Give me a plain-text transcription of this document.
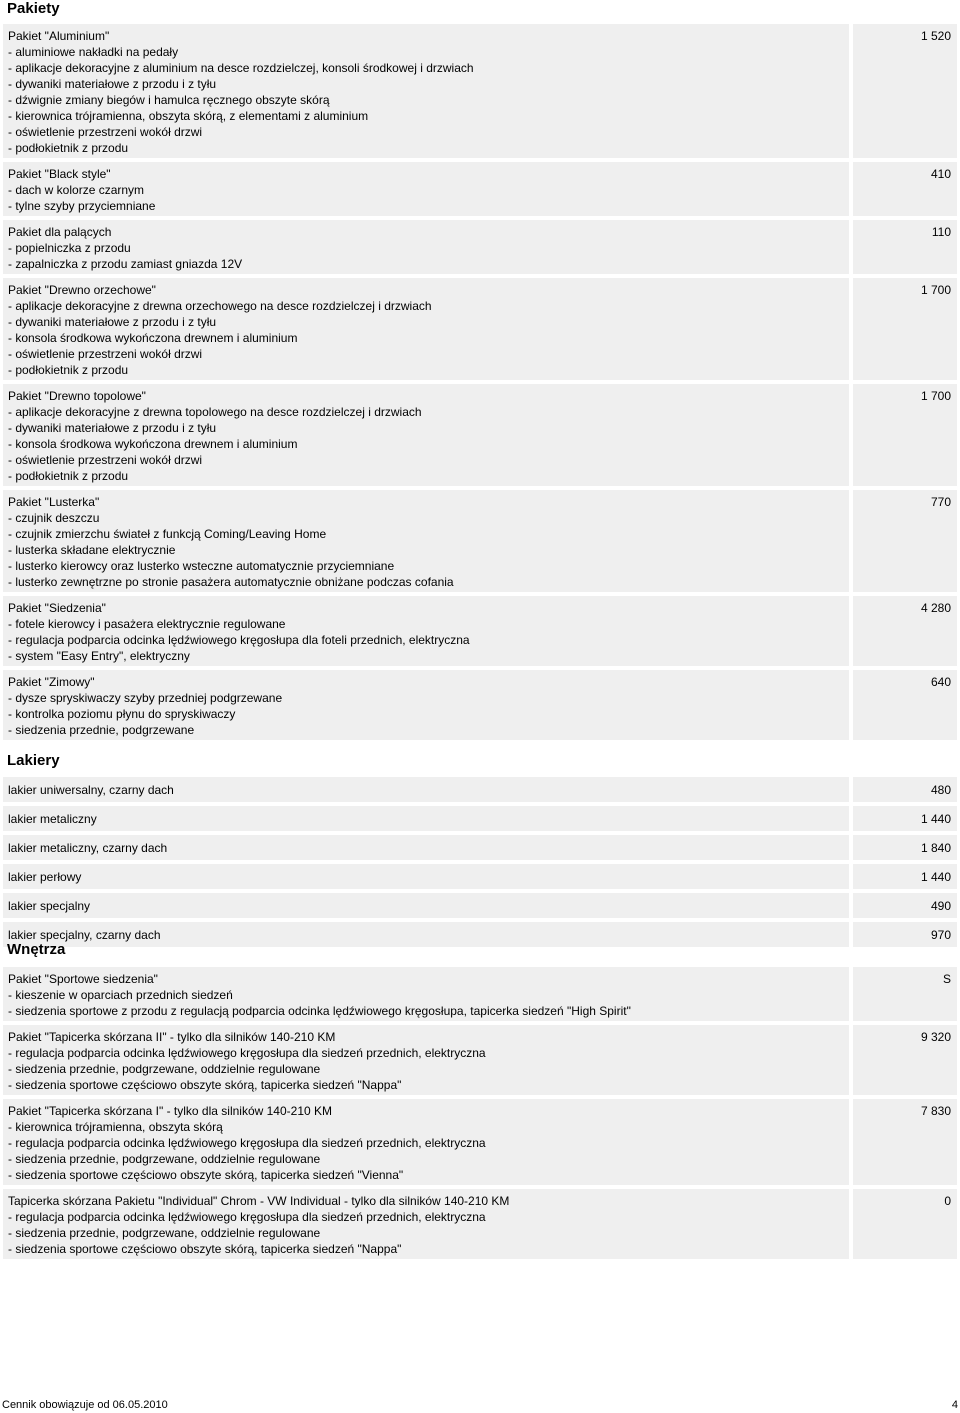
Pakiety
Pakiet "Aluminium"
- aluminiowe nakładki na pedały
- aplikacje dekoracyjne z aluminium na desce rozdzielczej, konsoli środkowej i drzwiach
- dywaniki materiałowe z przodu i z tyłu
- dźwignie zmiany biegów i hamulca ręcznego obszyte skórą
- kierownica trójramienna, obszyta skórą, z elementami z aluminium
- oświetlenie przestrzeni wokół drzwi
- podłokietnik z przodu
1 520
Pakiet "Black style"
- dach w kolorze czarnym
- tylne szyby przyciemniane
410
Pakiet dla palących
- popielniczka z przodu
- zapalniczka z przodu zamiast gniazda 12V
110
Pakiet "Drewno orzechowe"
- aplikacje dekoracyjne z drewna orzechowego na desce rozdzielczej i drzwiach
- dywaniki materiałowe z przodu i z tyłu
- konsola środkowa wykończona drewnem i aluminium
- oświetlenie przestrzeni wokół drzwi
- podłokietnik z przodu
1 700
Pakiet "Drewno topolowe"
- aplikacje dekoracyjne z drewna topolowego na desce rozdzielczej i drzwiach
- dywaniki materiałowe z przodu i z tyłu
- konsola środkowa wykończona drewnem i aluminium
- oświetlenie przestrzeni wokół drzwi
- podłokietnik z przodu
1 700
Pakiet "Lusterka"
- czujnik deszczu
- czujnik zmierzchu świateł z funkcją Coming/Leaving Home
- lusterka składane elektrycznie
- lusterko kierowcy oraz lusterko wsteczne automatycznie przyciemniane
- lusterko zewnętrzne po stronie pasażera automatycznie obniżane podczas cofania
770
Pakiet "Siedzenia"
- fotele kierowcy i pasażera elektrycznie regulowane
- regulacja podparcia odcinka lędźwiowego kręgosłupa dla foteli przednich, elektryczna
- system "Easy Entry", elektryczny
4 280
Pakiet "Zimowy"
- dysze spryskiwaczy szyby przedniej podgrzewane
- kontrolka poziomu płynu do spryskiwaczy
- siedzenia przednie, podgrzewane
640
Lakiery
lakier uniwersalny, czarny dach	480
lakier metaliczny	1 440
lakier metaliczny, czarny dach	1 840
lakier perłowy	1 440
lakier specjalny	490
lakier specjalny, czarny dach	970
Wnętrza
Pakiet "Sportowe siedzenia"
- kieszenie w oparciach przednich siedzeń
- siedzenia sportowe z przodu z regulacją podparcia odcinka lędźwiowego kręgosłupa, tapicerka siedzeń "High Spirit"
S
Pakiet "Tapicerka skórzana II" - tylko dla silników 140-210 KM
- regulacja podparcia odcinka lędźwiowego kręgosłupa dla siedzeń przednich, elektryczna
- siedzenia przednie, podgrzewane, oddzielnie regulowane
- siedzenia sportowe częściowo obszyte skórą, tapicerka siedzeń "Nappa"
9 320
Pakiet "Tapicerka skórzana I" - tylko dla silników 140-210 KM
- kierownica trójramienna, obszyta skórą
- regulacja podparcia odcinka lędźwiowego kręgosłupa dla siedzeń przednich, elektryczna
- siedzenia przednie, podgrzewane, oddzielnie regulowane
- siedzenia sportowe częściowo obszyte skórą, tapicerka siedzeń "Vienna"
7 830
Tapicerka skórzana Pakietu "Individual" Chrom - VW Individual - tylko dla silników 140-210 KM
- regulacja podparcia odcinka lędźwiowego kręgosłupa dla siedzeń przednich, elektryczna
- siedzenia przednie, podgrzewane, oddzielnie regulowane
- siedzenia sportowe częściowo obszyte skórą, tapicerka siedzeń "Nappa"
0
Cennik obowiązuje od 06.05.2010	4
